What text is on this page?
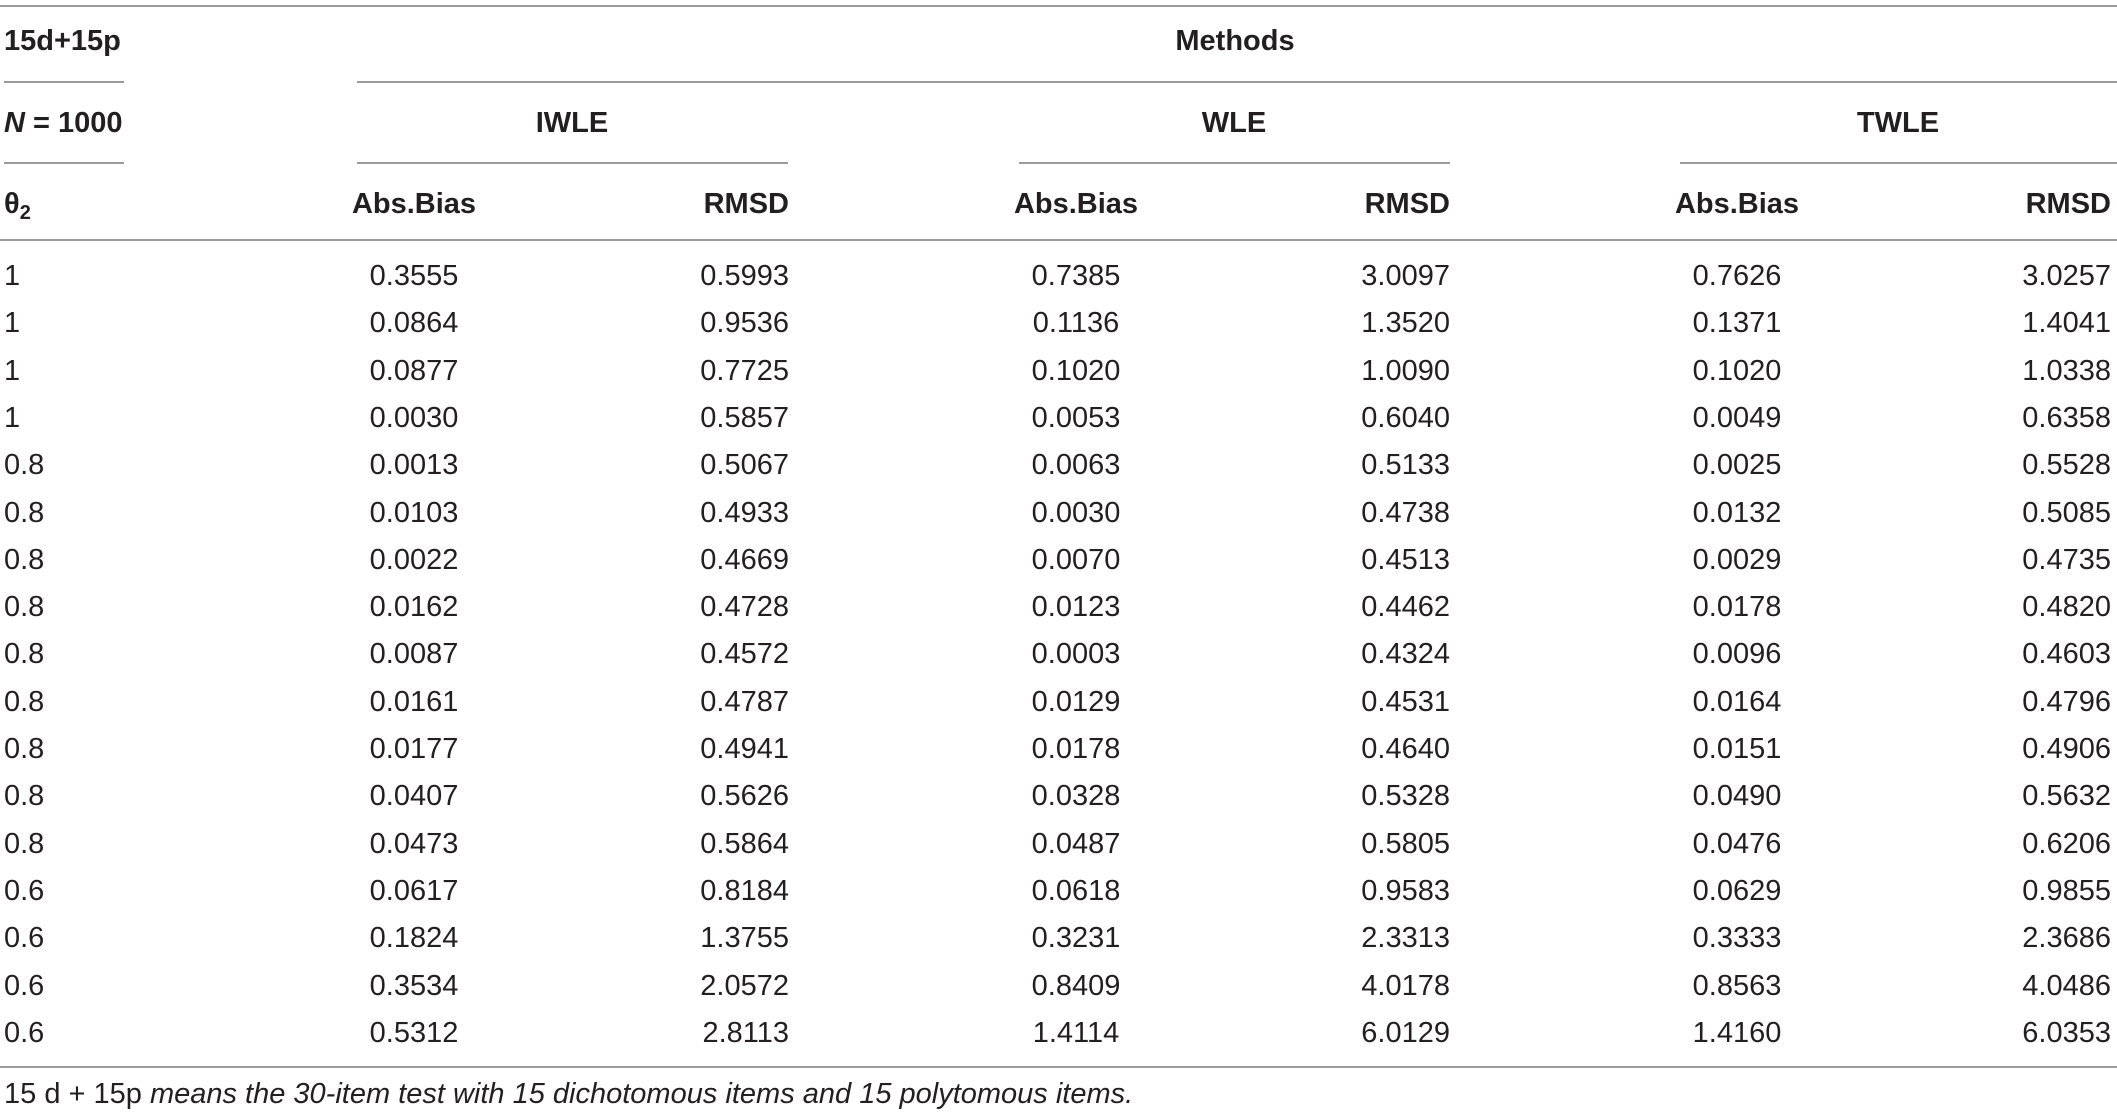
15d+15p	Methods
N = 1000	IWLE	WLE	TWLE
$\theta_2$	Abs.Bias	RMSD	Abs.Bias	RMSD	Abs.Bias	RMSD
1	0.3555	0.5993	0.7385	3.0097	0.7626	3.0257
1	0.0864	0.9536	0.1136	1.3520	0.1371	1.4041
1	0.0877	0.7725	0.1020	1.0090	0.1020	1.0338
1	0.0030	0.5857	0.0053	0.6040	0.0049	0.6358
0.8	0.0013	0.5067	0.0063	0.5133	0.0025	0.5528
0.8	0.0103	0.4933	0.0030	0.4738	0.0132	0.5085
0.8	0.0022	0.4669	0.0070	0.4513	0.0029	0.4735
0.8	0.0162	0.4728	0.0123	0.4462	0.0178	0.4820
0.8	0.0087	0.4572	0.0003	0.4324	0.0096	0.4603
0.8	0.0161	0.4787	0.0129	0.4531	0.0164	0.4796
0.8	0.0177	0.4941	0.0178	0.4640	0.0151	0.4906
0.8	0.0407	0.5626	0.0328	0.5328	0.0490	0.5632
0.8	0.0473	0.5864	0.0487	0.5805	0.0476	0.6206
0.6	0.0617	0.8184	0.0618	0.9583	0.0629	0.9855
0.6	0.1824	1.3755	0.3231	2.3313	0.3333	2.3686
0.6	0.3534	2.0572	0.8409	4.0178	0.8563	4.0486
0.6	0.5312	2.8113	1.4114	6.0129	1.4160	6.0353
15 d + 15p means the 30-item test with 15 dichotomous items and 15 polytomous items.
